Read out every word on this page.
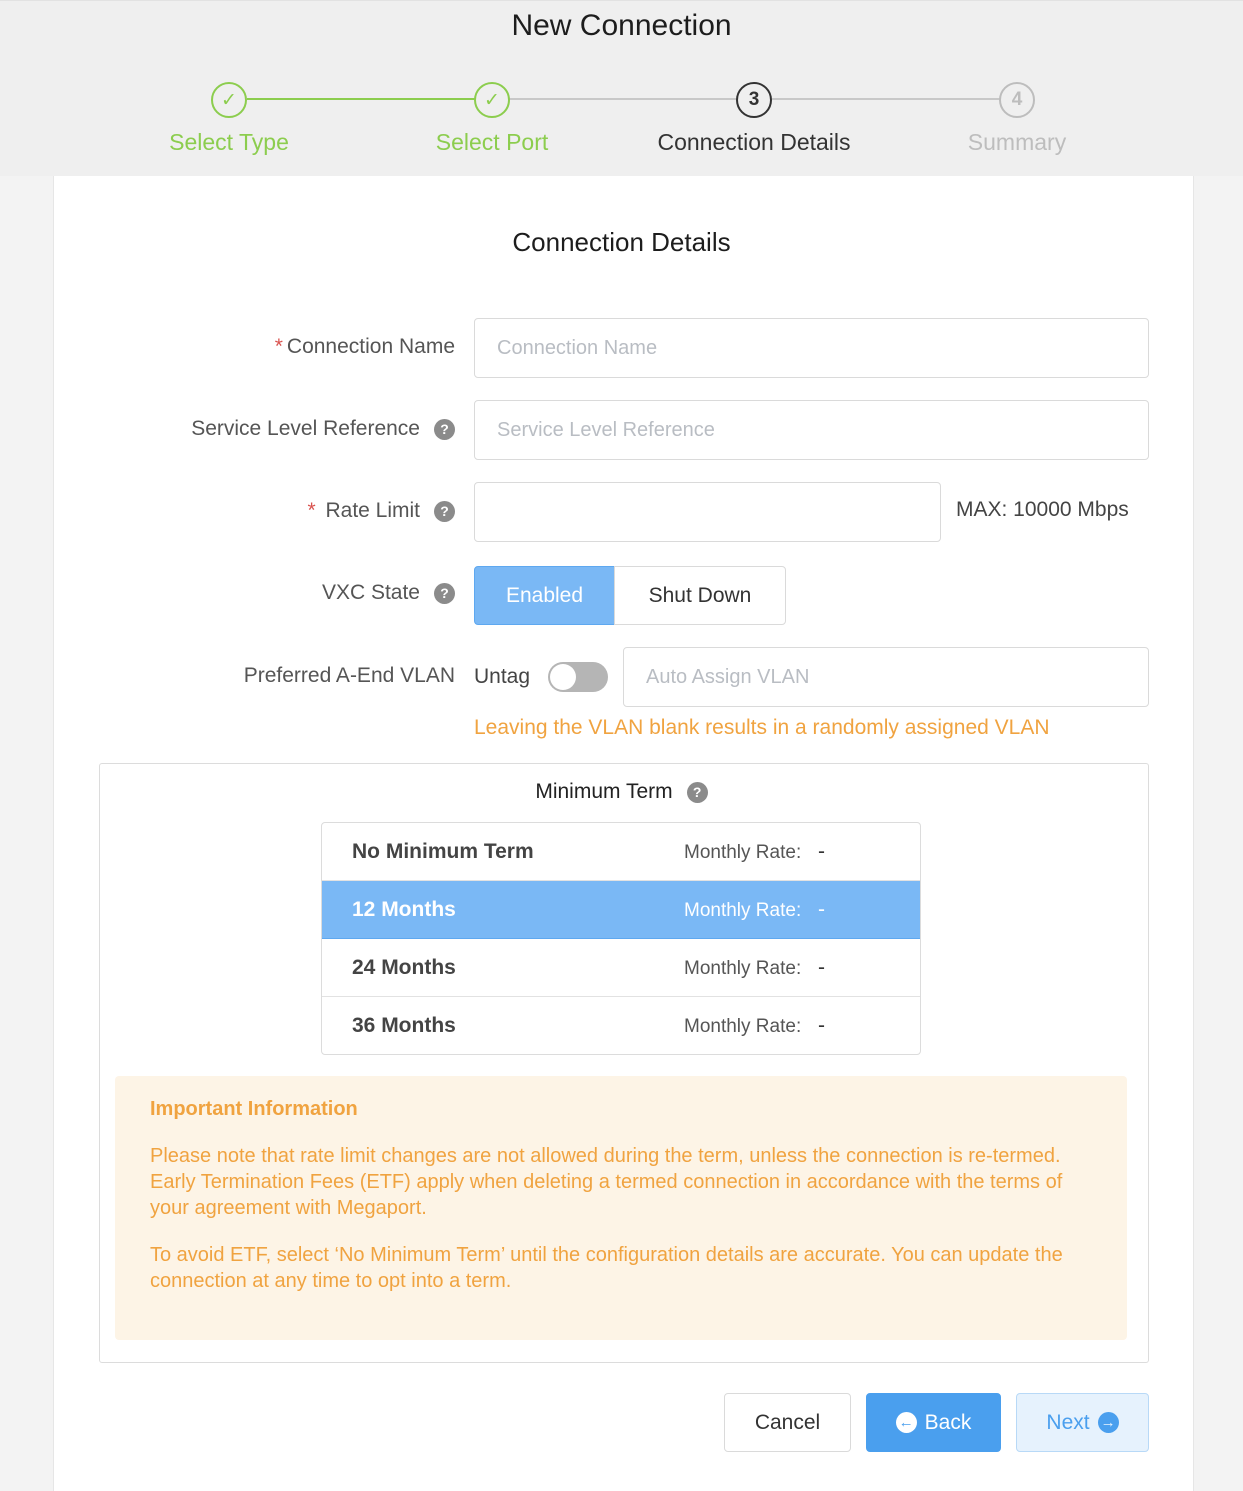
New Connection
✓	✓	3	4
Select Type	Select Port	Connection Details	Summary
Connection Details
* Connection Name
Connection Name
Service Level Reference	?
Service Level Reference
* Rate Limit	?	MAX: 10000 Mbps
VXC State	?	Enabled	Shut Down
Preferred A-End VLAN Untag
Auto Assign VLAN
Leaving the VLAN blank results in a randomly assigned VLAN
Minimum Term	?
No Minimum Term	Monthly Rate: -
12 Months	Monthly Rate: -
24 Months	Monthly Rate: -
36 Months	Monthly Rate: -
Important Information

Please note that rate limit changes are not allowed during the term, unless the connection is re-termed. Early Termination Fees (ETF) apply when deleting a termed connection in accordance with the terms of your agreement with Megaport.

To avoid ETF, select ‘No Minimum Term’ until the configuration details are accurate. You can update the connection at any time to opt into a term.

Cancel	← Back	Next →
